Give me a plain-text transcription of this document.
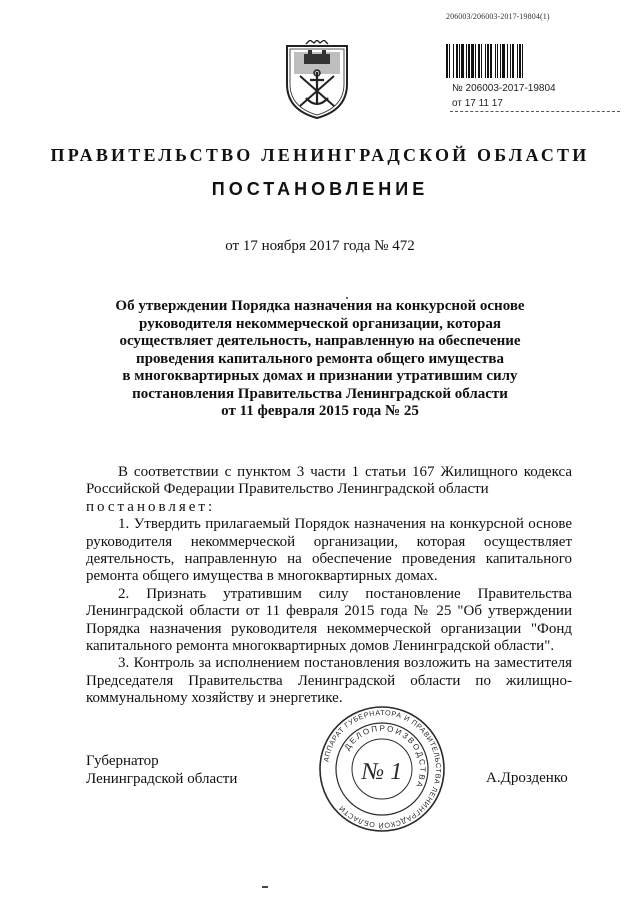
206003/206003-2017-19804(1)
№ 206003-2017-19804
от 17 11 17
ПРАВИТЕЛЬСТВО ЛЕНИНГРАДСКОЙ ОБЛАСТИ
ПОСТАНОВЛЕНИЕ
от 17 ноября 2017 года № 472
Об утверждении Порядка назначения на конкурсной основе
руководителя некоммерческой организации, которая
осуществляет деятельность, направленную на обеспечение
проведения капитального ремонта общего имущества
в многоквартирных домах и признании утратившим силу
постановления Правительства Ленинградской области
от 11 февраля 2015 года № 25

В соответствии с пунктом 3 части 1 статьи 167 Жилищного кодекса Российской Федерации Правительство Ленинградской области

постановляет:

1. Утвердить прилагаемый Порядок назначения на конкурсной основе руководителя некоммерческой организации, которая осуществляет деятельность, направленную на обеспечение проведения капитального ремонта общего имущества в многоквартирных домах.

2. Признать утратившим силу постановление Правительства Ленинградской области от 11 февраля 2015 года № 25 "Об утверждении Порядка назначения руководителя некоммерческой организации "Фонд капитального ремонта многоквартирных домов Ленинградской области".

3. Контроль за исполнением постановления возложить на заместителя Председателя Правительства Ленинградской области по жилищно-коммунальному хозяйству и энергетике.

Губернатор
Ленинградской области	А.Дрозденко
АППАРАТ ГУБЕРНАТОРА И ПРАВИТЕЛЬСТВА ЛЕНИНГРАДСКОЙ ОБЛАСТИ
ДЕЛОПРОИЗВОДСТВА
№ 1
